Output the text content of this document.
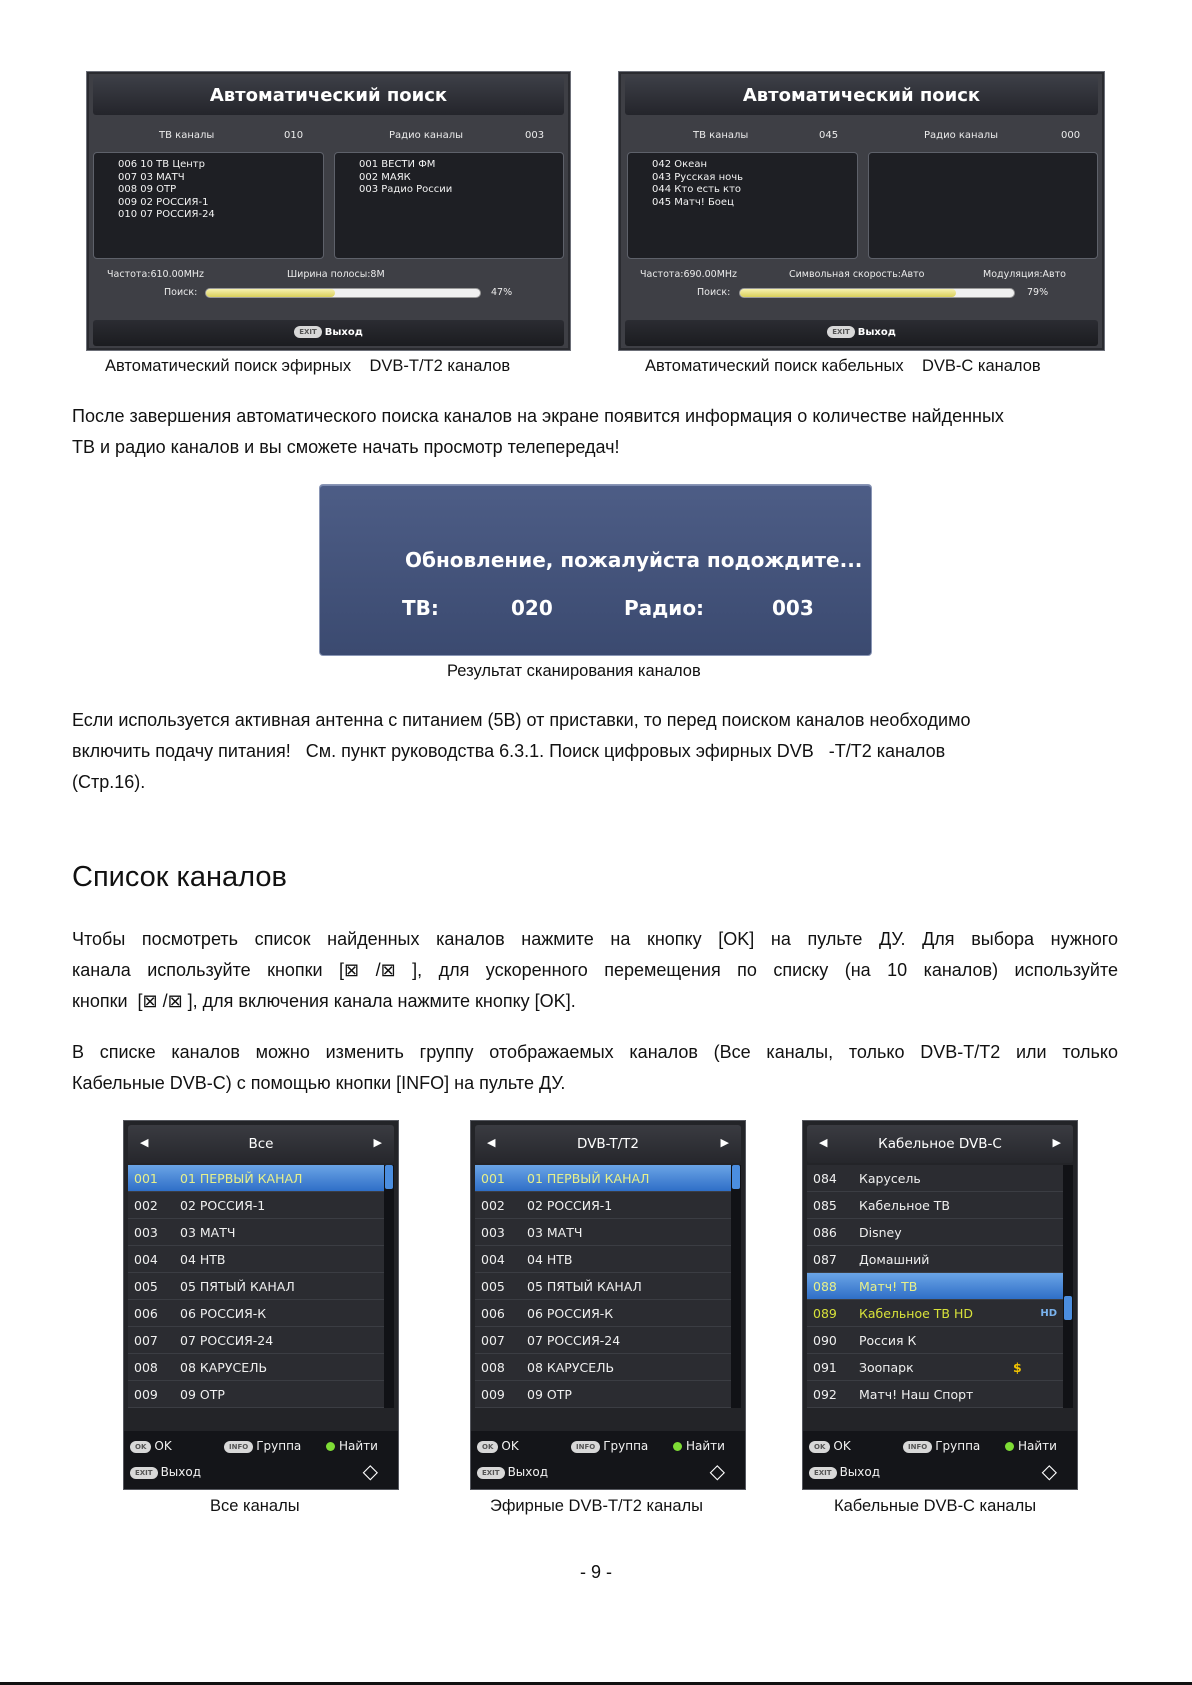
Автоматический поиск
ТВ каналы	010	Радио каналы	003
006 10 ТВ Центр
007 03 МАТЧ
008 09 ОТР
009 02 РОССИЯ-1
010 07 РОССИЯ-24
001 ВЕСТИ ФМ
002 МАЯК
003 Радио России
Частота:610.00MHz	Ширина полосы:8M
Поиск:	47%
EXIT Выход
Автоматический поиск эфирных    DVB-T/T2 каналов
Автоматический поиск
ТВ каналы	045	Радио каналы	000
042 Океан
043 Русская ночь
044 Кто есть кто
045 Матч! Боец
Частота:690.00MHz	Символьная скорость:Авто	Модуляция:Авто
Поиск:	79%
EXIT Выход
Автоматический поиск кабельных    DVB-C каналов
После завершения автоматического поиска каналов на экране появится информация о количестве найденных
ТВ и радио каналов и вы сможете начать просмотр телепередач!
Обновление, пожалуйста подождите...
ТВ:	020	Радио:	003
Результат сканирования каналов
Если используется активная антенна с питанием (5В) от приставки, то перед поиском каналов необходимо
включить подачу питания!   См. пункт руководства 6.3.1. Поиск цифровых эфирных DVB   -T/T2 каналов
(Стр.16).
Список каналов
Чтобы посмотреть список найденных каналов нажмите на кнопку [OK] на пульте ДУ. Для выбора нужного
канала используйте кнопки [⊠ /⊠ ], для ускоренного перемещения по списку (на 10 каналов) используйте
кнопки  [⊠ /⊠ ], для включения канала нажмите кнопку [OK].
В списке каналов можно изменить группу отображаемых каналов (Все каналы, только DVB-T/T2 или только
Кабельные DVB-C) с помощью кнопки [INFO] на пульте ДУ.
◀	Все	▶
001 01 ПЕРВЫЙ КАНАЛ
002 02 РОССИЯ-1
003 03 МАТЧ
004 04 НТВ
005 05 ПЯТЫЙ КАНАЛ
006 06 РОССИЯ-К
007 07 РОССИЯ-24
008 08 КАРУСЕЛЬ
009 09 ОТР
OK OK	INFO Группа	Найти
EXIT Выход	◇
Все каналы
◀	DVB-T/T2	▶
001 01 ПЕРВЫЙ КАНАЛ
002 02 РОССИЯ-1
003 03 МАТЧ
004 04 НТВ
005 05 ПЯТЫЙ КАНАЛ
006 06 РОССИЯ-К
007 07 РОССИЯ-24
008 08 КАРУСЕЛЬ
009 09 ОТР
OK OK	INFO Группа	Найти
EXIT Выход	◇
Эфирные DVB-T/T2 каналы
◀	Кабельное DVB-C	▶
084 Карусель
085 Кабельное ТВ
086 Disney
087 Домашний
088 Матч! ТВ
089 Кабельное ТВ HD	HD
090 Россия К
091 Зоопарк	$
092 Матч! Наш Спорт
OK OK	INFO Группа	Найти
EXIT Выход	◇
Кабельные DVB-C каналы
- 9 -
